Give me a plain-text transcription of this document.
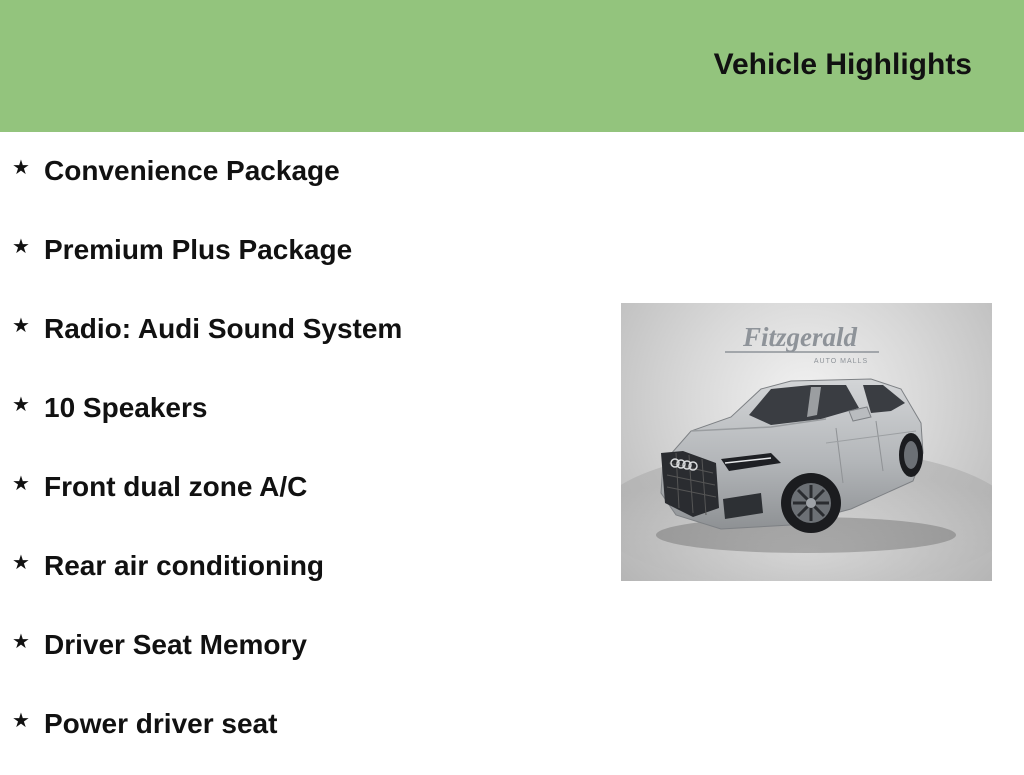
Vehicle Highlights
★ Convenience Package
★ Premium Plus Package
★ Radio: Audi Sound System
★ 10 Speakers
★ Front dual zone A/C
★ Rear air conditioning
★ Driver Seat Memory
★ Power driver seat
Fitzgerald
AUTO MALLS
